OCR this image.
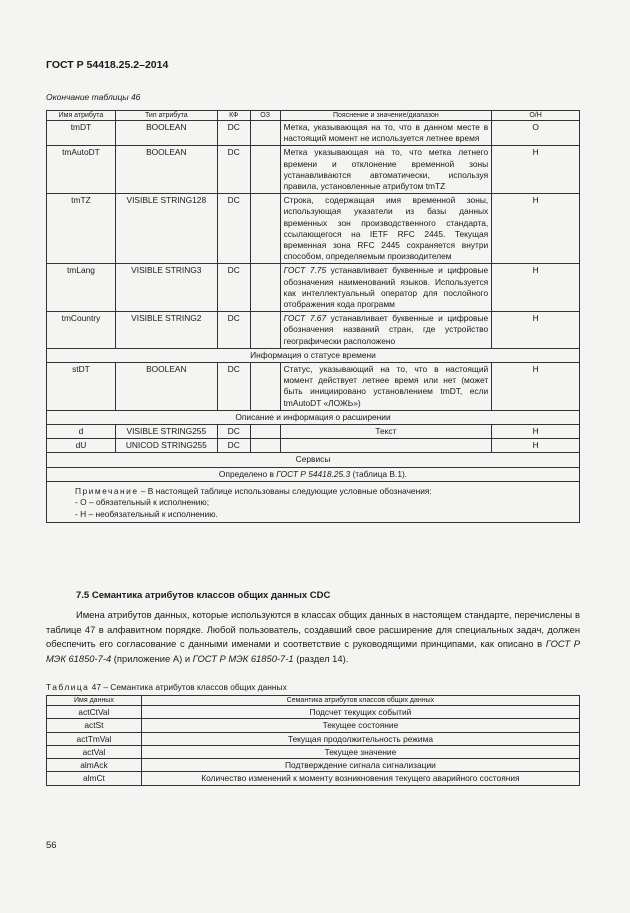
ГОСТ Р 54418.25.2–2014
Окончание таблицы 46
Имя атрибута	Тип атрибута	КФ	ОЗ	Пояснение и значение/диапазон	О/Н
tmDT	BOOLEAN	DC		Метка, указывающая на то, что в данном месте в настоящий момент не используется летнее время	О
tmAutoDT	BOOLEAN	DC		Метка указывающая на то, что метка летнего времени и отклонение временной зоны устанавливаются автоматически, используя правила, установленные атрибутом tmTZ	Н
tmTZ	VISIBLE STRING128	DC		Строка, содержащая имя временной зоны, использующая указатели из базы данных временных зон производственного стандарта, ссылающегося на IETF RFC 2445. Текущая временная зона RFC 2445 сохраняется внутри способом, определяемым производителем	Н
tmLang	VISIBLE STRING3	DC		ГОСТ 7.75 устанавливает буквенные и цифровые обозначения наименований языков. Используется как интеллектуальный оператор для послойного отображения кода программ	Н
tmCountry	VISIBLE STRING2	DC		ГОСТ 7.67 устанавливает буквенные и цифровые обозначения названий стран, где устройство географически расположено	Н
Информация о статусе времени					
stDT	BOOLEAN	DC		Статус, указывающий на то, что в настоящий момент действует летнее время или нет (может быть инициировано установлением tmDT, если tmAutoDT «ЛОЖЬ»)	Н
Описание и информация о расширении					
d	VISIBLE STRING255	DC		Текст	Н
dU	UNICOD STRING255	DC			Н
Сервисы					
Определено в ГОСТ Р 54418.25.3 (таблица В.1).					

Примечание – В настоящей таблице использованы следующие условные обозначения:
- О – обязательный к исполнению;
- Н – необязательный к исполнению.					
7.5 Семантика атрибутов классов общих данных CDC
Имена атрибутов данных, которые используются в классах общих данных в настоящем стандарте, перечислены в таблице 47 в алфавитном порядке. Любой пользователь, создавший свое расширение для специальных задач, должен обеспечить его согласование с данными именами и соответствие с руководящими принципами, как описано в ГОСТ Р МЭК 61850-7-4 (приложение А) и ГОСТ Р МЭК 61850-7-1 (раздел 14).
Таблица 47 – Семантика атрибутов классов общих данных
Имя данных	Семантика атрибутов классов общих данных
actCtVal	Подсчет текущих событий
actSt	Текущее состояние
actTmVal	Текущая продолжительность режима
actVal	Текущее значение
almAck	Подтверждение сигнала сигнализации
almCt	Количество изменений к моменту возникновения текущего аварийного состояния
56
